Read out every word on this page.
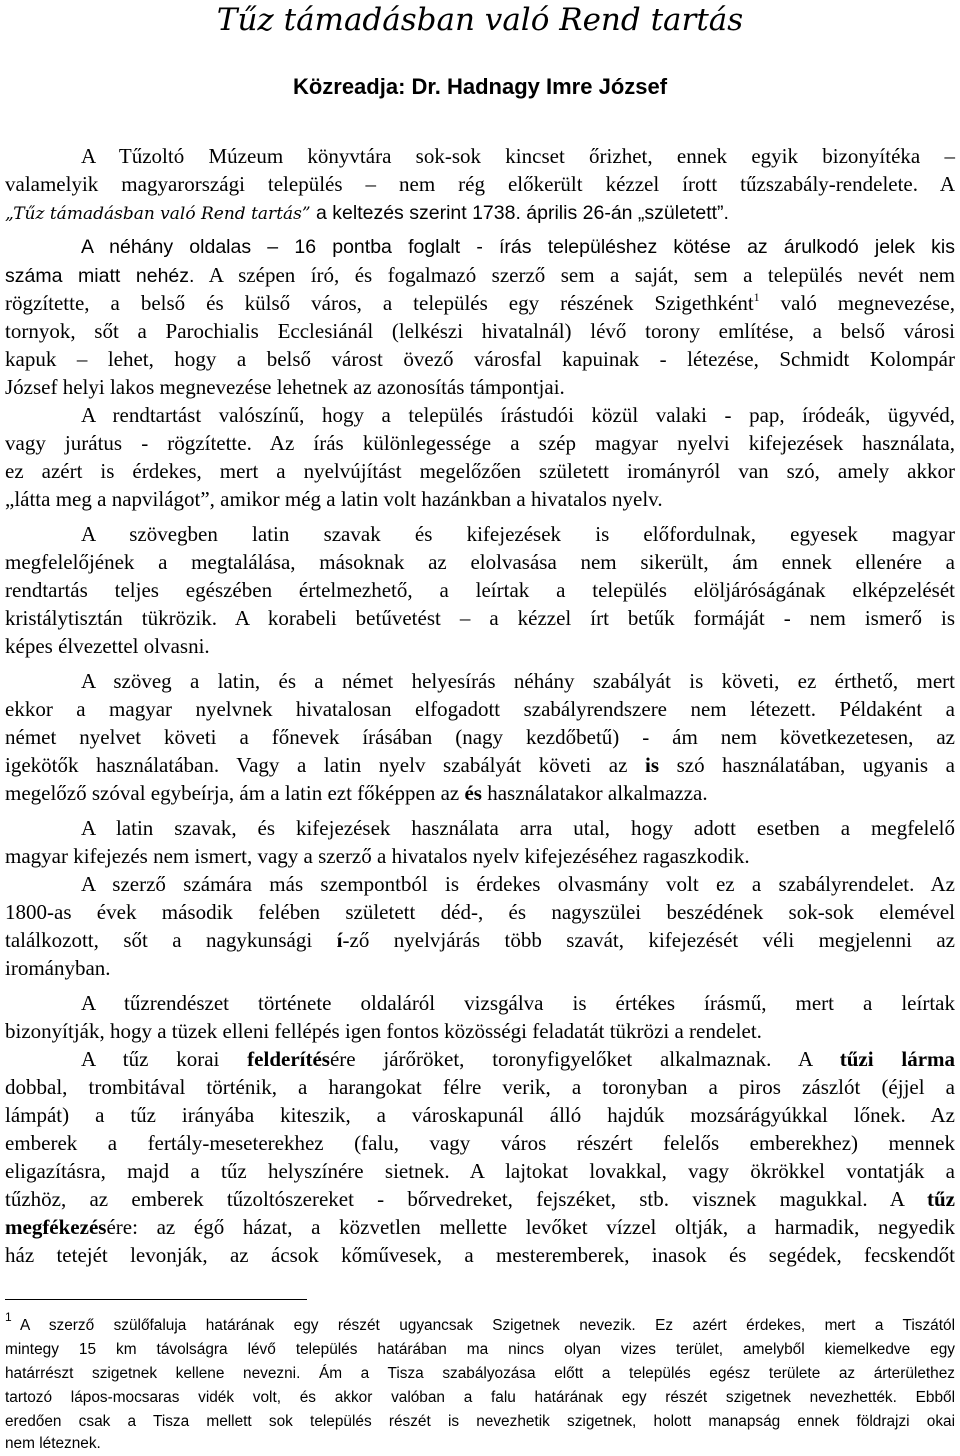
Tűz támadásban való Rend tartás

Közreadja: Dr. Hadnagy Imre József

A Tűzoltó Múzeum könyvtára sok-sok kincset őrizhet, ennek egyik bizonyítéka –

valamelyik magyarországi település – nem rég előkerült kézzel írott tűzszabály-rendelete. A

„Tűz támadásban való Rend tartás” a keltezés szerint 1738. április 26-án „született”.

A néhány oldalas – 16 pontba foglalt - írás településhez kötése az árulkodó jelek kis

száma miatt nehéz. A szépen író, és fogalmazó szerző sem a saját, sem a település nevét nem

rögzítette, a belső és külső város, a település egy részének Szigethként$^1$ való megnevezése,

tornyok, sőt a Parochialis Ecclesiánál (lelkészi hivatalnál) lévő torony említése, a belső városi

kapuk – lehet, hogy a belső várost övező városfal kapuinak - létezése, Schmidt Kolompár

József helyi lakos megnevezése lehetnek az azonosítás támpontjai.

A rendtartást valószínű, hogy a település írástudói közül valaki - pap, íródeák, ügyvéd,

vagy jurátus - rögzítette. Az írás különlegessége a szép magyar nyelvi kifejezések használata,

ez azért is érdekes, mert a nyelvújítást megelőzően született irományról van szó, amely akkor

„látta meg a napvilágot”, amikor még a latin volt hazánkban a hivatalos nyelv.

A szövegben latin szavak és kifejezések is előfordulnak, egyesek magyar

megfelelőjének a megtalálása, másoknak az elolvasása nem sikerült, ám ennek ellenére a

rendtartás teljes egészében értelmezhető, a leírtak a település elöljáróságának elképzelését

kristálytisztán tükrözik. A korabeli betűvetést – a kézzel írt betűk formáját - nem ismerő is

képes élvezettel olvasni.

A szöveg a latin, és a német helyesírás néhány szabályát is követi, ez érthető, mert

ekkor a magyar nyelvnek hivatalosan elfogadott szabályrendszere nem létezett. Példaként a

német nyelvet követi a főnevek írásában (nagy kezdőbetű) - ám nem következetesen, az

igekötők használatában. Vagy a latin nyelv szabályát követi az is szó használatában, ugyanis a

megelőző szóval egybeírja, ám a latin ezt főképpen az és használatakor alkalmazza.

A latin szavak, és kifejezések használata arra utal, hogy adott esetben a megfelelő

magyar kifejezés nem ismert, vagy a szerző a hivatalos nyelv kifejezéséhez ragaszkodik.

A szerző számára más szempontból is érdekes olvasmány volt ez a szabályrendelet. Az

1800-as évek második felében született déd-, és nagyszülei beszédének sok-sok elemével

találkozott, sőt a nagykunsági í-ző nyelvjárás több szavát, kifejezését véli megjelenni az

irományban.

A tűzrendészet története oldaláról vizsgálva is értékes írásmű, mert a leírtak

bizonyítják, hogy a tüzek elleni fellépés igen fontos közösségi feladatát tükrözi a rendelet.

A tűz korai felderítésére járőröket, toronyfigyelőket alkalmaznak. A tűzi lárma

dobbal, trombitával történik, a harangokat félre verik, a toronyban a piros zászlót (éjjel a

lámpát) a tűz irányába kiteszik, a városkapunál álló hajdúk mozsárágyúkkal lőnek. Az

emberek a fertály-meseterekhez (falu, vagy város részért felelős emberekhez) mennek

eligazításra, majd a tűz helyszínére sietnek. A lajtokat lovakkal, vagy ökrökkel vontatják a

tűzhöz, az emberek tűzoltószereket - bőrvedreket, fejszéket, stb. visznek magukkal. A tűz

megfékezésére: az égő házat, a közvetlen mellette levőket vízzel oltják, a harmadik, negyedik

ház tetejét levonják, az ácsok kőművesek, a mesteremberek, inasok és segédek, fecskendőt

1 A szerző szülőfaluja határának egy részét ugyancsak Szigetnek nevezik. Ez azért érdekes, mert a Tiszától

mintegy 15 km távolságra lévő település határában ma nincs olyan vizes terület, amelyből kiemelkedve egy

határrészt szigetnek kellene nevezni. Ám a Tisza szabályozása előtt a település egész területe az árterülethez

tartozó lápos-mocsaras vidék volt, és akkor valóban a falu határának egy részét szigetnek nevezhették. Ebből

eredően csak a Tisza mellett sok település részét is nevezhetik szigetnek, holott manapság ennek földrajzi okai

nem léteznek.
